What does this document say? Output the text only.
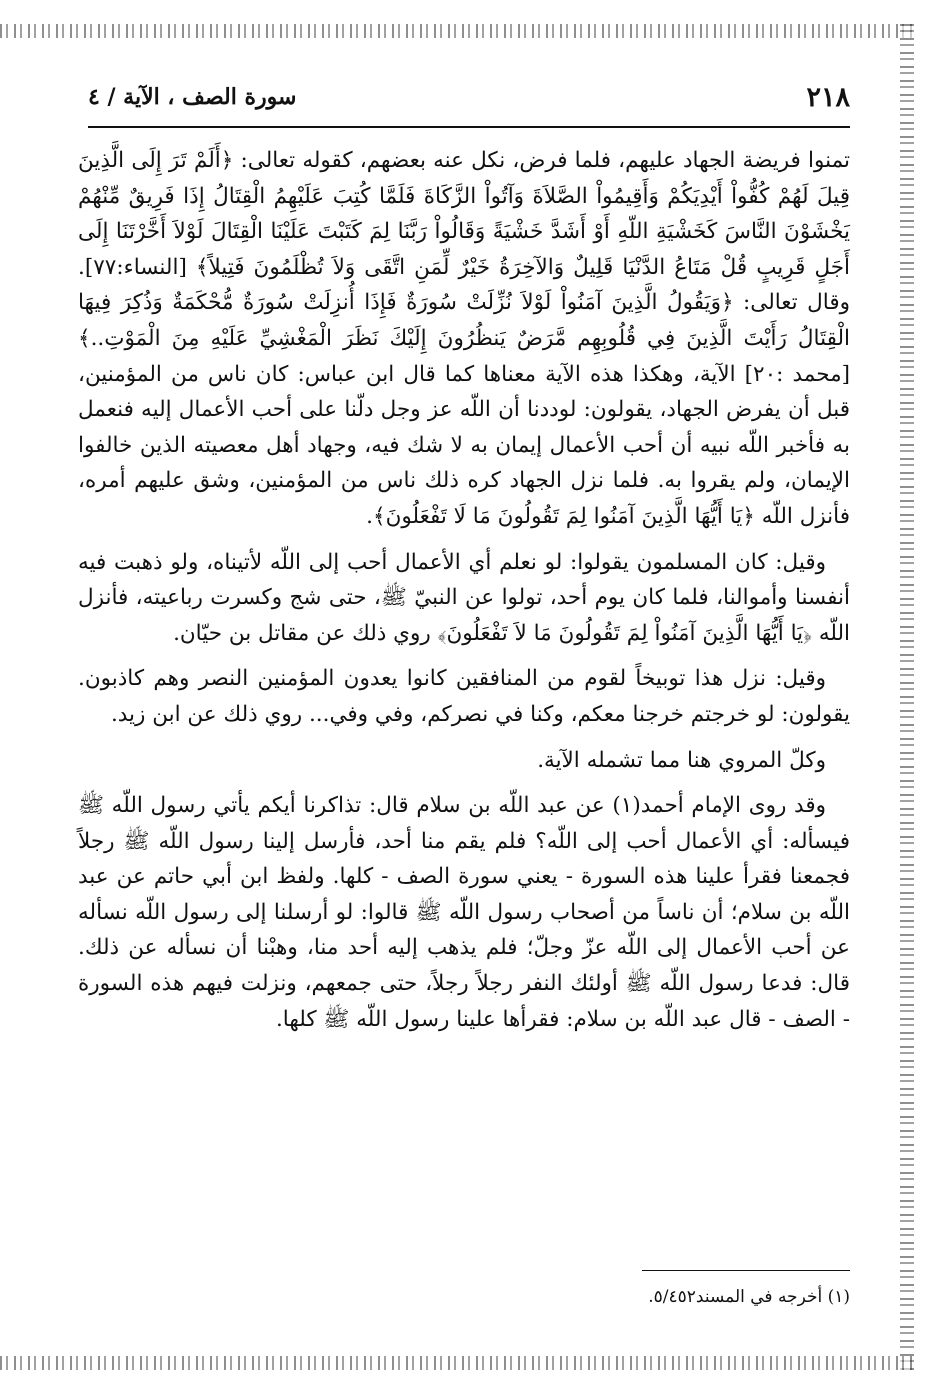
٢١٨
سورة الصف ، الآية / ٤

تمنوا فريضة الجهاد عليهم، فلما فرض، نكل عنه بعضهم، كقوله تعالى: ﴿أَلَمْ تَرَ إِلَى الَّذِينَ قِيلَ لَهُمْ كُفُّواْ أَيْدِيَكُمْ وَأَقِيمُواْ الصَّلاَةَ وَآتُواْ الزَّكَاةَ فَلَمَّا كُتِبَ عَلَيْهِمُ الْقِتَالُ إِذَا فَرِيقٌ مِّنْهُمْ يَخْشَوْنَ النَّاسَ كَخَشْيَةِ اللّهِ أَوْ أَشَدَّ خَشْيَةً وَقَالُواْ رَبَّنَا لِمَ كَتَبْتَ عَلَيْنَا الْقِتَالَ لَوْلاَ أَخَّرْتَنَا إِلَى أَجَلٍ قَرِيبٍ قُلْ مَتَاعُ الدَّنْيَا قَلِيلٌ وَالآخِرَةُ خَيْرٌ لِّمَنِ اتَّقَى وَلاَ تُظْلَمُونَ فَتِيلاً﴾ [النساء:٧٧]. وقال تعالى: ﴿وَيَقُولُ الَّذِينَ آمَنُواْ لَوْلاَ نُزِّلَتْ سُورَةٌ فَإِذَا أُنزِلَتْ سُورَةٌ مُّحْكَمَةٌ وَذُكِرَ فِيهَا الْقِتَالُ رَأَيْتَ الَّذِينَ فِي قُلُوبِهِم مَّرَضٌ يَنظُرُونَ إِلَيْكَ نَظَرَ الْمَغْشِيِّ عَلَيْهِ مِنَ الْمَوْتِ..﴾ [محمد :٢٠] الآية، وهكذا هذه الآية معناها كما قال ابن عباس: كان ناس من المؤمنين، قبل أن يفرض الجهاد، يقولون: لوددنا أن اللّه عز وجل دلّنا على أحب الأعمال إليه فنعمل به فأخبر اللّه نبيه أن أحب الأعمال إيمان به لا شك فيه، وجهاد أهل معصيته الذين خالفوا الإيمان، ولم يقروا به. فلما نزل الجهاد كره ذلك ناس من المؤمنين، وشق عليهم أمره، فأنزل اللّه ﴿يَا أَيُّهَا الَّذِينَ آمَنُوا لِمَ تَقُولُونَ مَا لَا تَفْعَلُونَ﴾.

وقيل: كان المسلمون يقولوا: لو نعلم أي الأعمال أحب إلى اللّه لأتيناه، ولو ذهبت فيه أنفسنا وأموالنا، فلما كان يوم أحد، تولوا عن النبيّ ﷺ، حتى شج وكسرت رباعيته، فأنزل اللّه ﴿يَا أَيُّهَا الَّذِينَ آمَنُواْ لِمَ تَقُولُونَ مَا لاَ تَفْعَلُونَ﴾ روي ذلك عن مقاتل بن حيّان.

وقيل: نزل هذا توبيخاً لقوم من المنافقين كانوا يعدون المؤمنين النصر وهم كاذبون. يقولون: لو خرجتم خرجنا معكم، وكنا في نصركم، وفي وفي... روي ذلك عن ابن زيد.

وكلّ المروي هنا مما تشمله الآية.

وقد روى الإمام أحمد(١) عن عبد اللّه بن سلام قال: تذاكرنا أيكم يأتي رسول اللّه ﷺ فيسأله: أي الأعمال أحب إلى اللّه؟ فلم يقم منا أحد، فأرسل إلينا رسول اللّه ﷺ رجلاً فجمعنا فقرأ علينا هذه السورة - يعني سورة الصف - كلها. ولفظ ابن أبي حاتم عن عبد اللّه بن سلام؛ أن ناساً من أصحاب رسول اللّه ﷺ قالوا: لو أرسلنا إلى رسول اللّه نسأله عن أحب الأعمال إلى اللّه عزّ وجلّ؛ فلم يذهب إليه أحد منا، وهبْنا أن نسأله عن ذلك. قال: فدعا رسول اللّه ﷺ أولئك النفر رجلاً رجلاً، حتى جمعهم، ونزلت فيهم هذه السورة - الصف - قال عبد اللّه بن سلام: فقرأها علينا رسول اللّه ﷺ كلها.

(١) أخرجه في المسند٥/٤٥٢.
